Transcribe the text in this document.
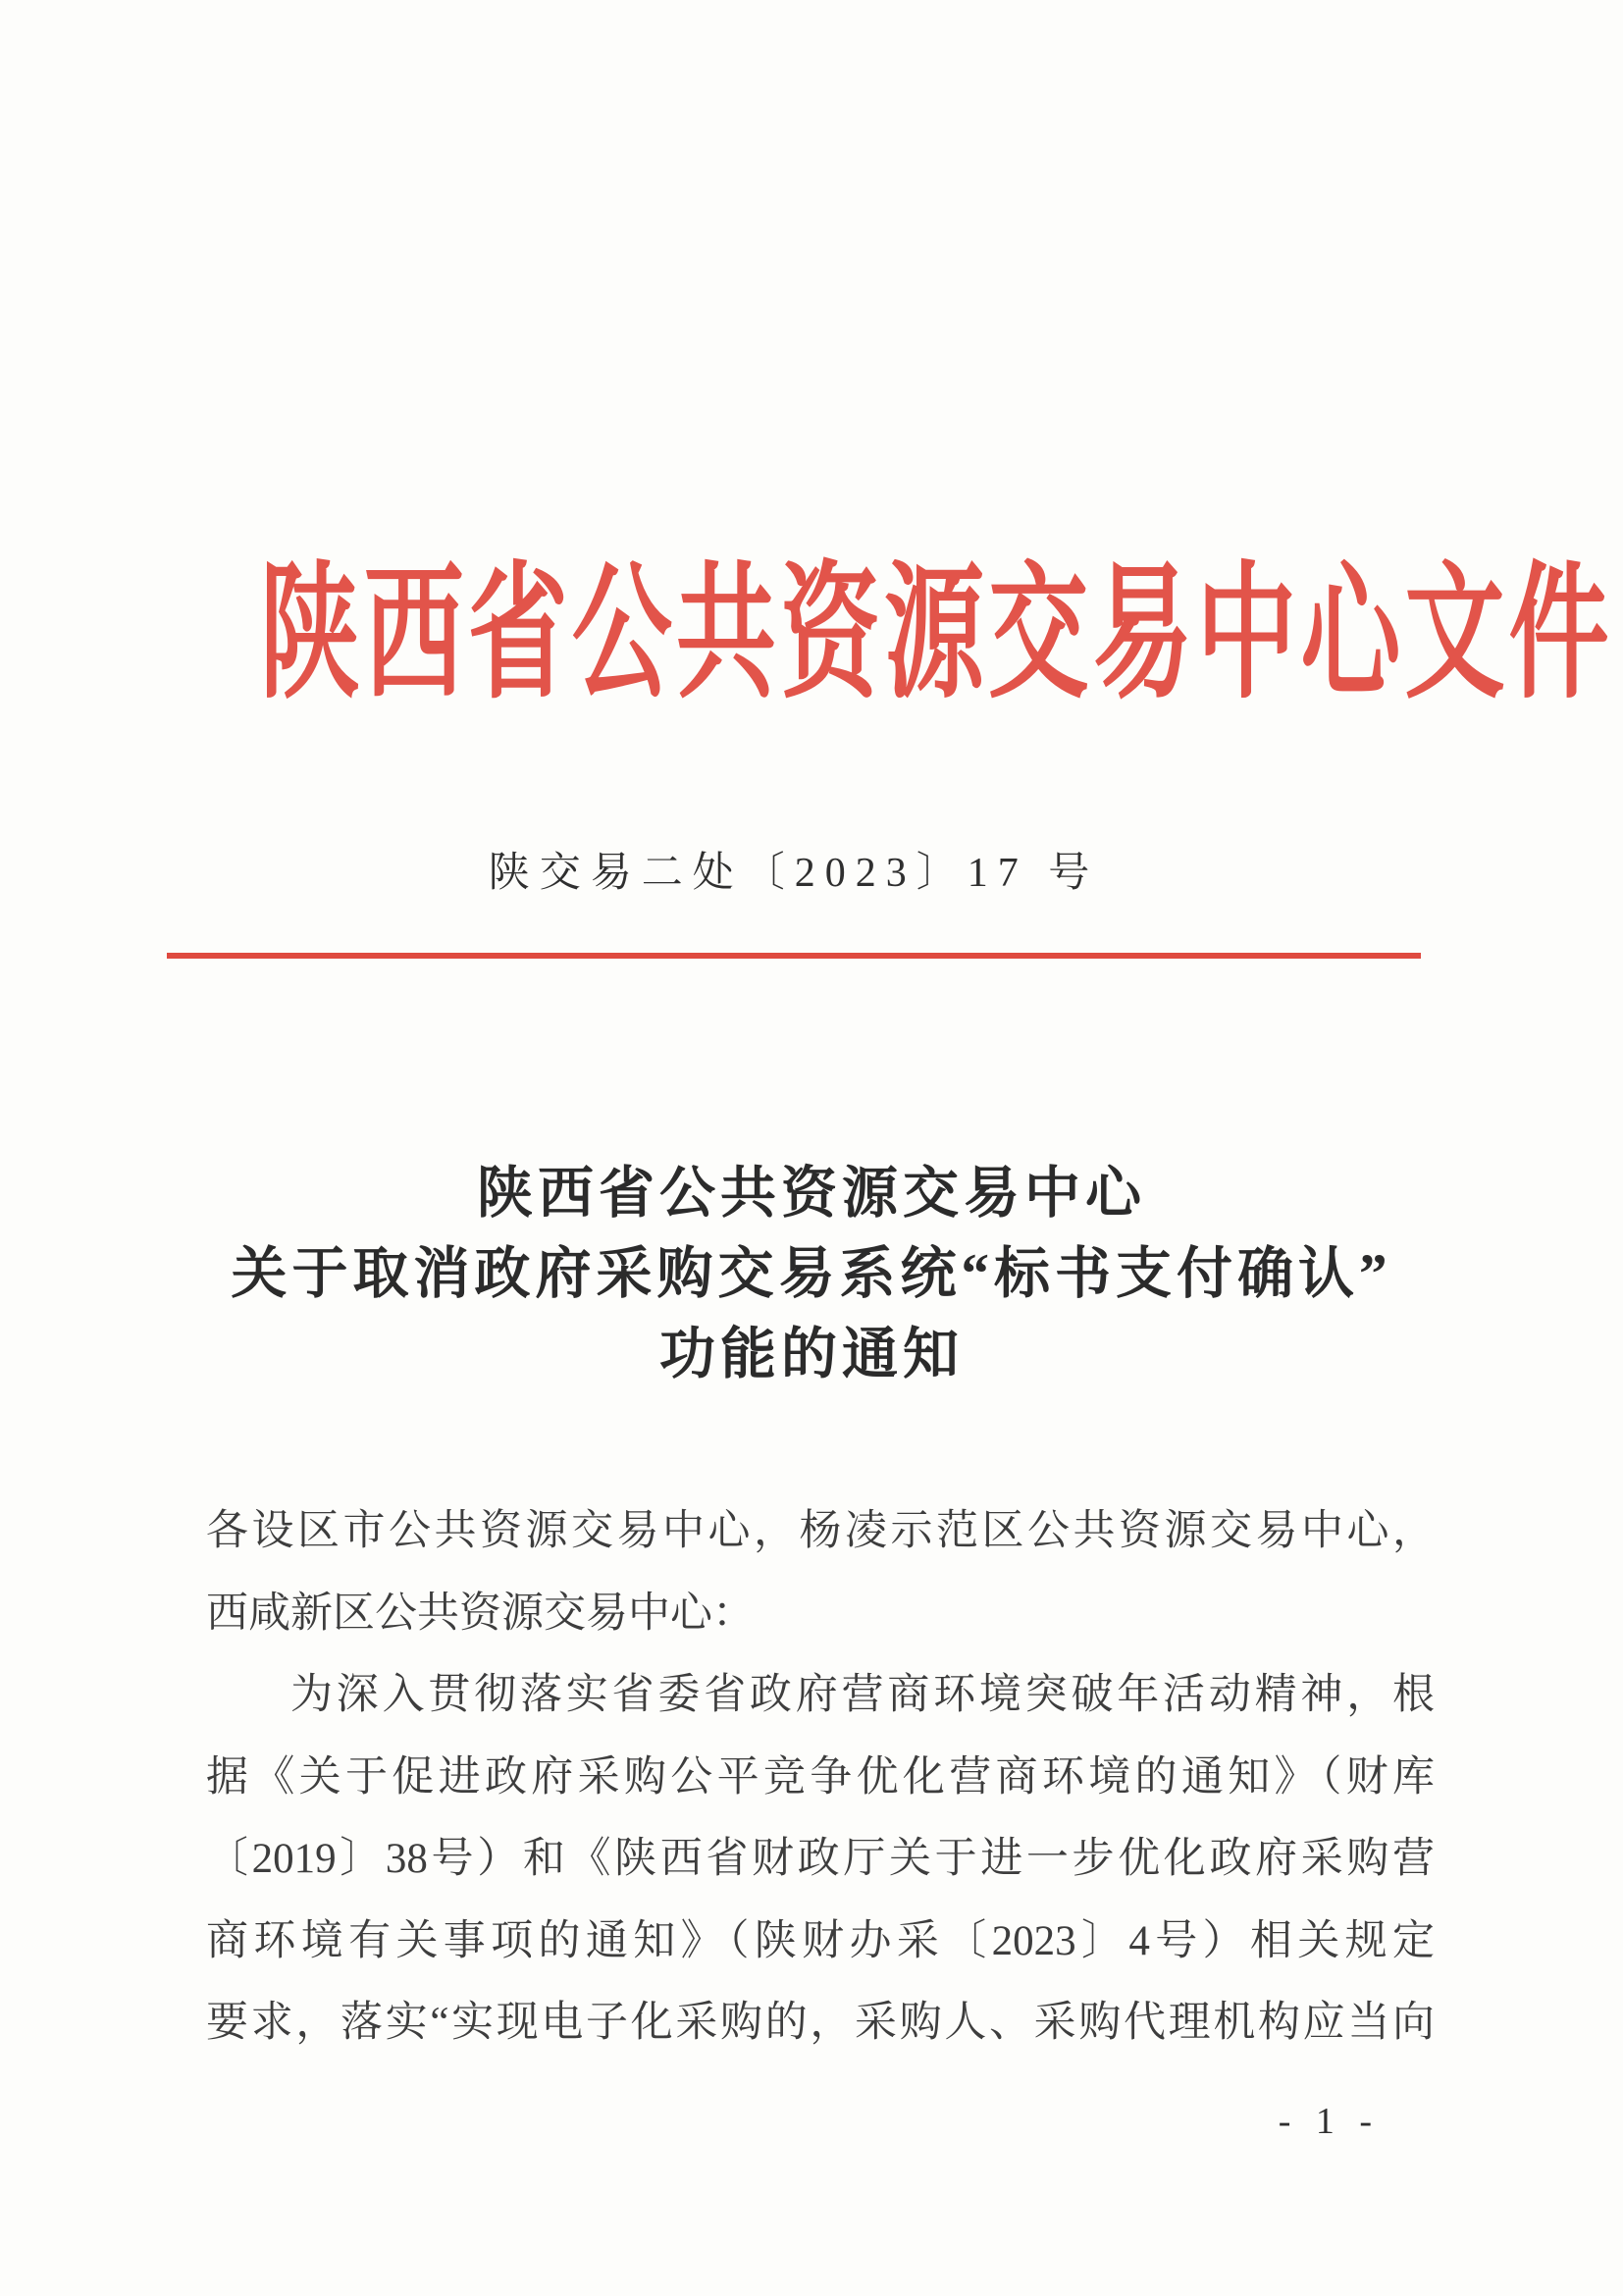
陕西省公共资源交易中心文件
陕交易二处〔2023〕17 号
陕西省公共资源交易中心
关于取消政府采购交易系统“标书支付确认”
功能的通知
各设区市公共资源交易中心，杨凌示范区公共资源交易中心，
西咸新区公共资源交易中心：
为深入贯彻落实省委省政府营商环境突破年活动精神，根
据《关于促进政府采购公平竞争优化营商环境的通知》（财库
〔2019〕38号）和《陕西省财政厅关于进一步优化政府采购营
商环境有关事项的通知》（陕财办采〔2023〕4号）相关规定
要求，落实“实现电子化采购的，采购人、采购代理机构应当向
- 1 -
